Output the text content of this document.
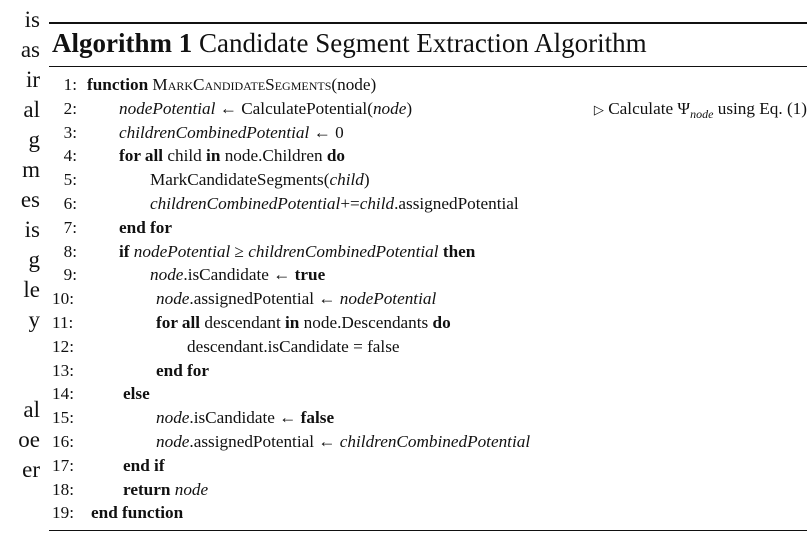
is
as
ir
al
g
m
es
is
g
le
y
al
oe
er
Algorithm 1 Candidate Segment Extraction Algorithm
1: function MarkCandidateSegments(node)
2: nodePotential ← CalculatePotential(node)	▷ Calculate $\Psi_{node}$ using Eq. (1)
3: childrenCombinedPotential ← 0
4: for all child in node.Children do
5:	MarkCandidateSegments(child)
6:	childrenCombinedPotential+=child.assignedPotential
7: end for
8: if nodePotential ≥ childrenCombinedPotential then
9:	node.isCandidate ← true
10:	node.assignedPotential ← nodePotential
11:	for all descendant in node.Descendants do
12:	descendant.isCandidate = false
13:	end for
14:	else
15:	node.isCandidate ← false
16:	node.assignedPotential ← childrenCombinedPotential
17:	end if
18:	return node
19: end function
